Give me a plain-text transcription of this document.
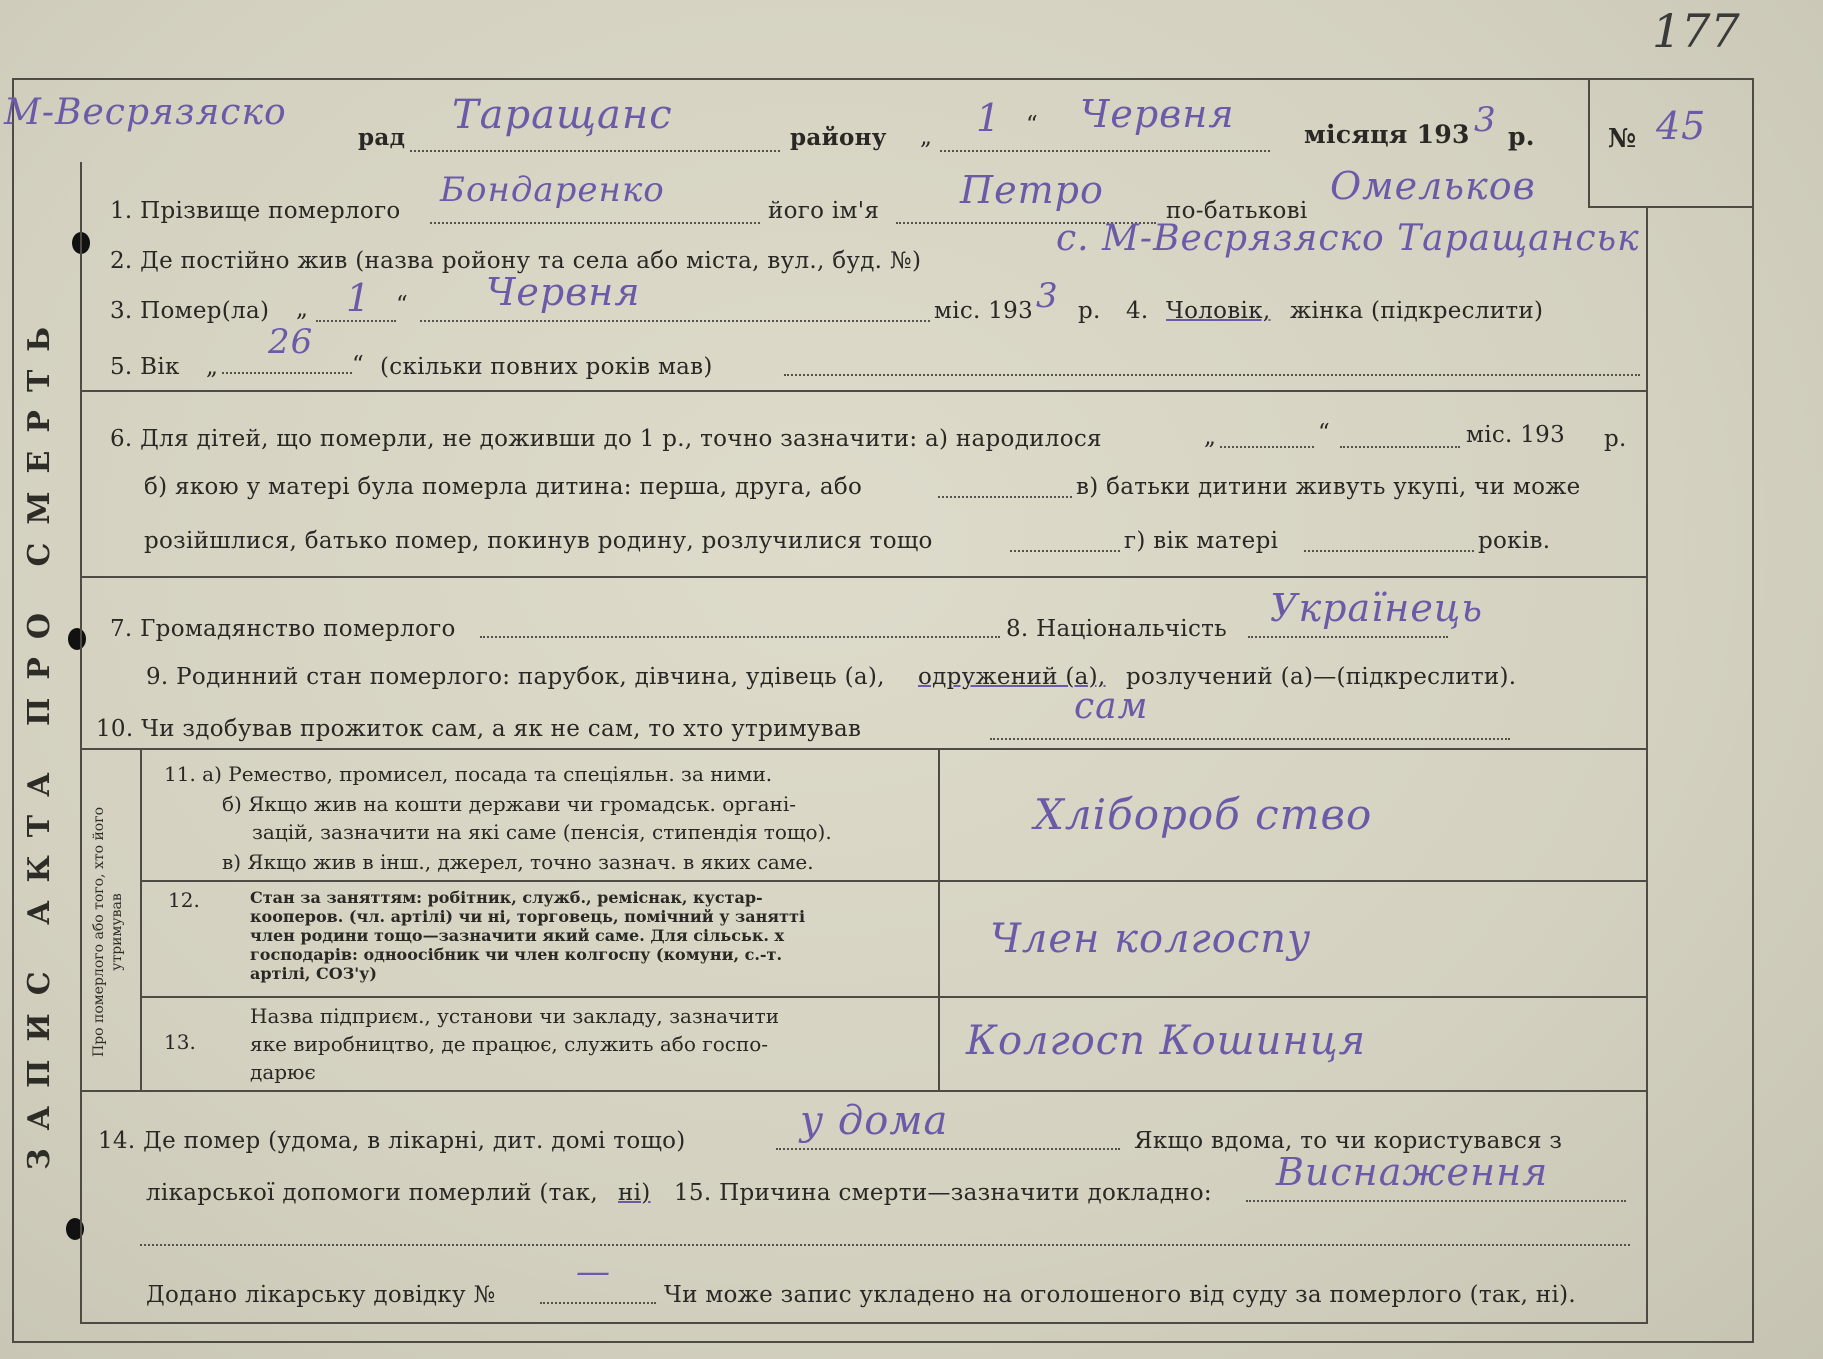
177
ЗАПИС АКТА ПРО СМЕРТЬ
М-Весрязяско
рад Таращанс	району „ 1 “ Червня	місяця 193 3 р.	№ 45
1. Прізвище померлого
Бондаренко
його ім'я Петро	по-батькові
Омельков
2. Де постійно жив (назва ройону та села або міста, вул., буд. №)
с. М-Весрязяско Таращанськ
3. Помер(ла) „ 1 “ Червня	міс. 193 3 р. 4. Чоловік, жінка (підкреслити)
5. Вік „
26
“ (скільки повних років мав)
6. Для дітей, що померли, не доживши до 1 р., точно зазначити: а) народилося	„	“	міс. 193 р.
б) якою у матері була померла дитина: перша, друга, або	в) батьки дитини живуть укупі, чи може
розійшлися, батько помер, покинув родину, розлучилися тощо	г) вік матері	років.
7. Громадянство померлого	8. Національчість Українець
9. Родинний стан померлого: парубок, дівчина, удівець (а), одружений (а), розлучений (а)—(підкреслити).
10. Чи здобував прожиток сам, а як не сам, то хто утримував
сам
Про померлого або того, хто його утримував
11. а) Ремество, промисел, посада та спеціяльн. за ними.
б) Якщо жив на кошти держави чи громадськ. органі-
зацій, зазначити на які саме (пенсія, стипендія тощо).
в) Якщо жив в інш., джерел, точно зазнач. в яких саме.
Хлібороб ство
12.	Стан за заняттям: робітник, служб., реміснак, кустар-
кооперов. (чл. артілі) чи ні, торговець, помічний у занятті
член родини тощо—зазначити який саме. Для сільськ. х
господарів: одноосібник чи член колгоспу (комуни, с.-т.
артілі, СОЗ'у)
Член колгоспу
13.
Назва підприєм., установи чи закладу, зазначити
яке виробництво, де працює, служить або госпо-
дарює
Колгосп Кошинця
14. Де помер (удома, в лікарні, дит. домі тощо)	у дома	Якщо вдома, то чи користувався з
лікарської допомоги померлий (так, ні) 15. Причина смерти—зазначити докладно: Виснаження
Додано лікарську довідку №
—
Чи може запис укладено на оголошеного від суду за померлого (так, ні).
